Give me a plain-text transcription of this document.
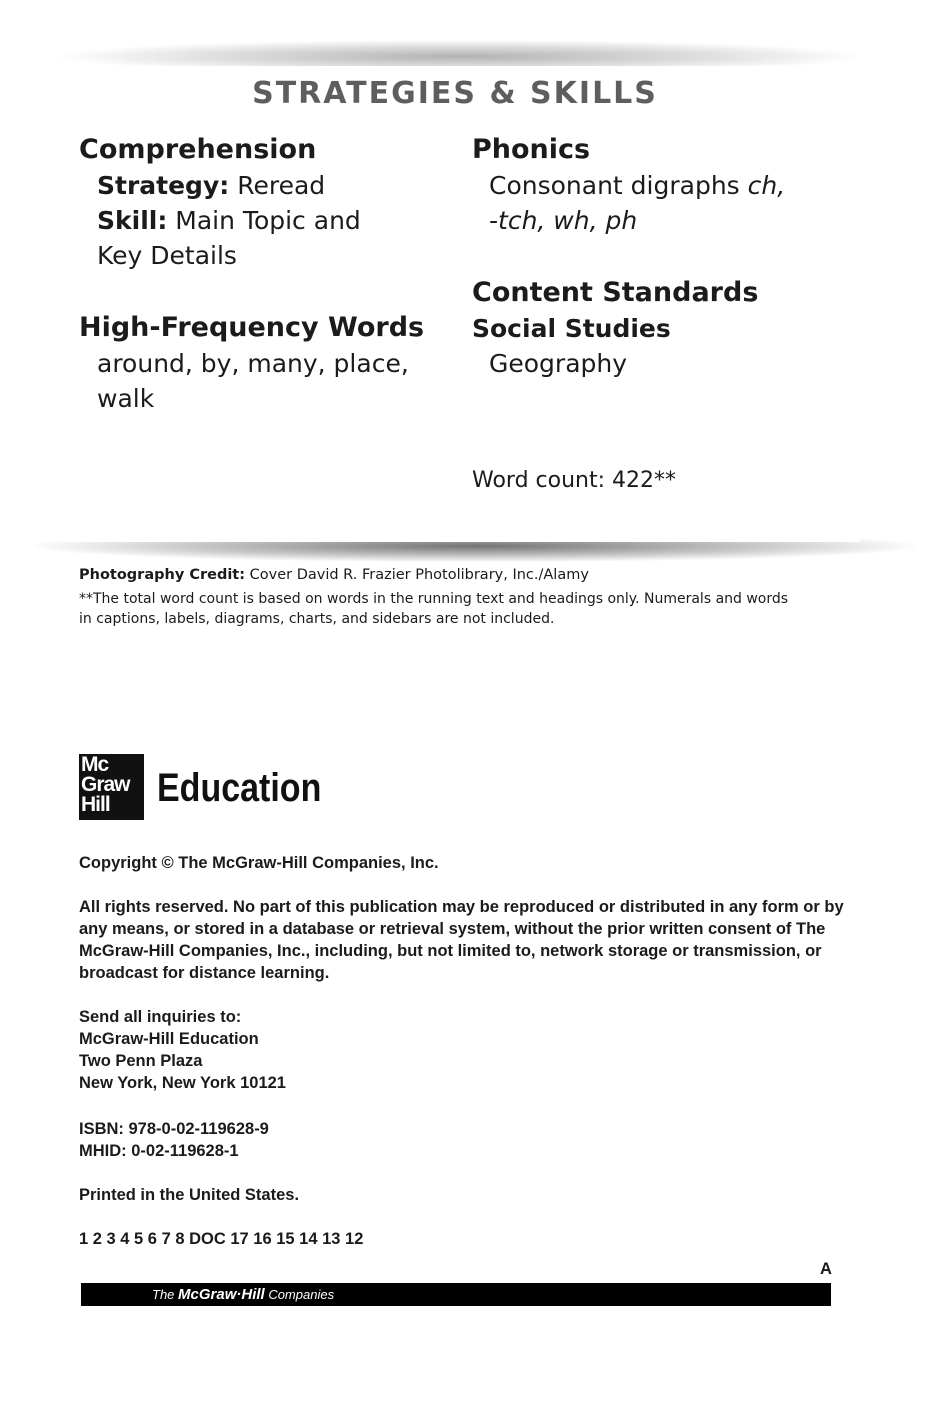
STRATEGIES & SKILLS
Comprehension
Strategy: Reread
Skill: Main Topic and
Key Details
High-Frequency Words
around, by, many, place,
walk
Phonics
Consonant digraphs ch,
-tch, wh, ph
Content Standards
Social Studies
Geography
Word count: 422**
Photography Credit: Cover David R. Frazier Photolibrary, Inc./Alamy
**The total word count is based on words in the running text and headings only. Numerals and words
in captions, labels, diagrams, charts, and sidebars are not included.
Mc
Graw
Hill	Education
Copyright © The McGraw-Hill Companies, Inc.
All rights reserved. No part of this publication may be reproduced or distributed in any form or by
any means, or stored in a database or retrieval system, without the prior written consent of The
McGraw-Hill Companies, Inc., including, but not limited to, network storage or transmission, or
broadcast for distance learning.
Send all inquiries to:
McGraw-Hill Education
Two Penn Plaza
New York, New York 10121
ISBN: 978-0-02-119628-9
MHID: 0-02-119628-1
Printed in the United States.
1 2 3 4 5 6 7 8 DOC 17 16 15 14 13 12
A
The McGraw·Hill Companies
